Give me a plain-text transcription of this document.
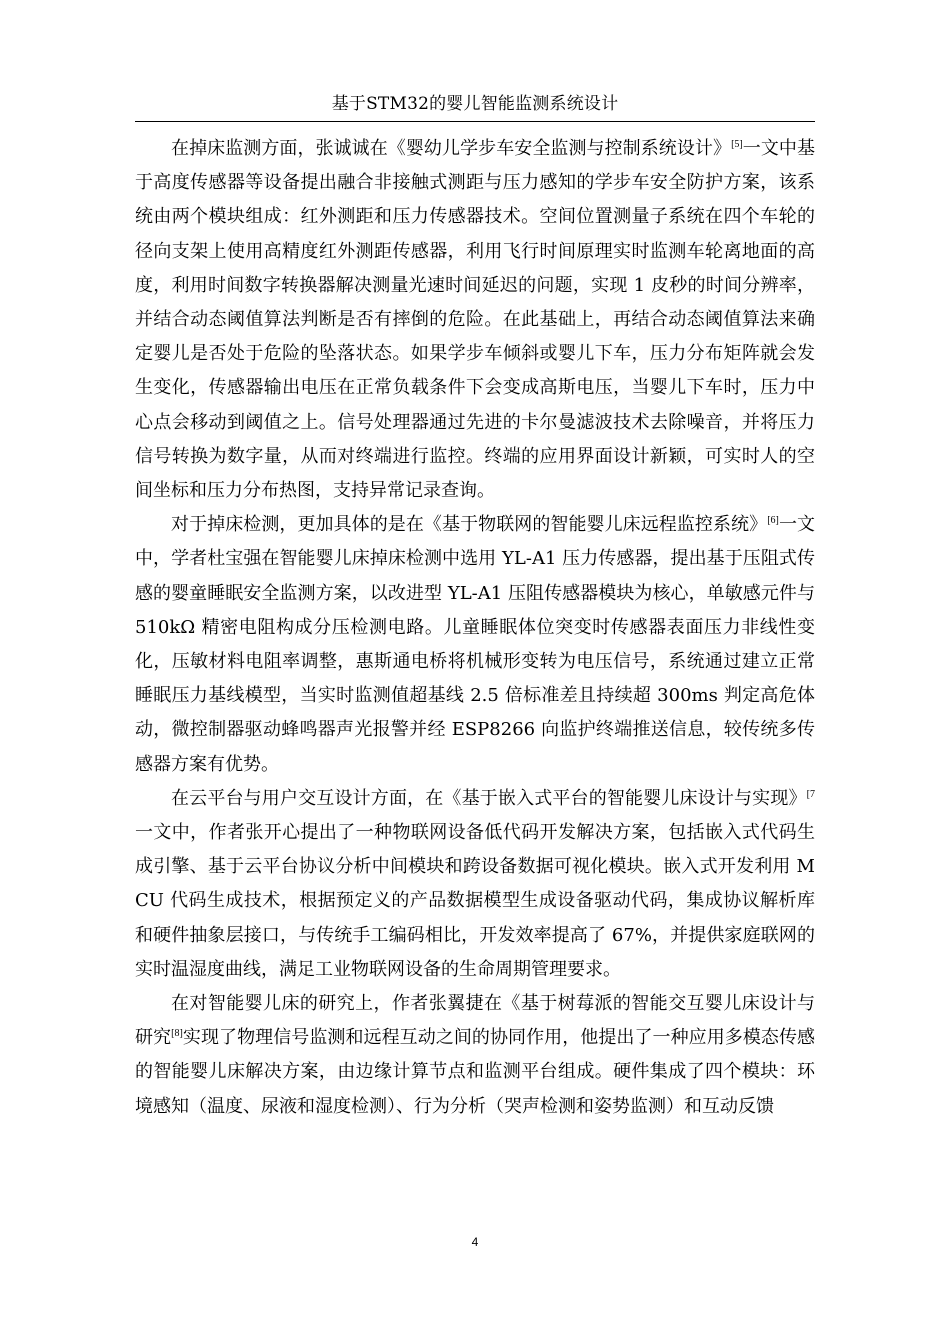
基于STM32的婴儿智能监测系统设计

在掉床监测方面，张诚诚在《婴幼儿学步车安全监测与控制系统设计》[5]一文中基于高度传感器等设备提出融合非接触式测距与压力感知的学步车安全防护方案，该系统由两个模块组成：红外测距和压力传感器技术。空间位置测量子系统在四个车轮的径向支架上使用高精度红外测距传感器，利用飞行时间原理实时监测车轮离地面的高度，利用时间数字转换器解决测量光速时间延迟的问题，实现 1 皮秒的时间分辨率，并结合动态阈值算法判断是否有摔倒的危险。在此基础上，再结合动态阈值算法来确定婴儿是否处于危险的坠落状态。如果学步车倾斜或婴儿下车，压力分布矩阵就会发生变化，传感器输出电压在正常负载条件下会变成高斯电压，当婴儿下车时，压力中心点会移动到阈值之上。信号处理器通过先进的卡尔曼滤波技术去除噪音，并将压力信号转换为数字量，从而对终端进行监控。终端的应用界面设计新颖，可实时人的空间坐标和压力分布热图，支持异常记录查询。

对于掉床检测，更加具体的是在《基于物联网的智能婴儿床远程监控系统》[6]一文中，学者杜宝强在智能婴儿床掉床检测中选用 YL-A1 压力传感器，提出基于压阻式传感的婴童睡眠安全监测方案，以改进型 YL-A1 压阻传感器模块为核心，单敏感元件与 510kΩ 精密电阻构成分压检测电路。儿童睡眠体位突变时传感器表面压力非线性变化，压敏材料电阻率调整，惠斯通电桥将机械形变转为电压信号，系统通过建立正常睡眠压力基线模型，当实时监测值超基线 2.5 倍标准差且持续超 300ms 判定高危体动，微控制器驱动蜂鸣器声光报警并经 ESP8266 向监护终端推送信息，较传统多传感器方案有优势。

在云平台与用户交互设计方面，在《基于嵌入式平台的智能婴儿床设计与实现》$^{[7}$一文中，作者张开心提出了一种物联网设备低代码开发解决方案，包括嵌入式代码生成引擎、基于云平台协议分析中间模块和跨设备数据可视化模块。嵌入式开发利用 MCU 代码生成技术，根据预定义的产品数据模型生成设备驱动代码，集成协议解析库和硬件抽象层接口，与传统手工编码相比，开发效率提高了 67%，并提供家庭联网的实时温湿度曲线，满足工业物联网设备的生命周期管理要求。

在对智能婴儿床的研究上，作者张翼捷在《基于树莓派的智能交互婴儿床设计与研究[8]实现了物理信号监测和远程互动之间的协同作用，他提出了一种应用多模态传感的智能婴儿床解决方案，由边缘计算节点和监测平台组成。硬件集成了四个模块：环境感知（温度、尿液和湿度检测）、行为分析（哭声检测和姿势监测）和互动反馈

4
